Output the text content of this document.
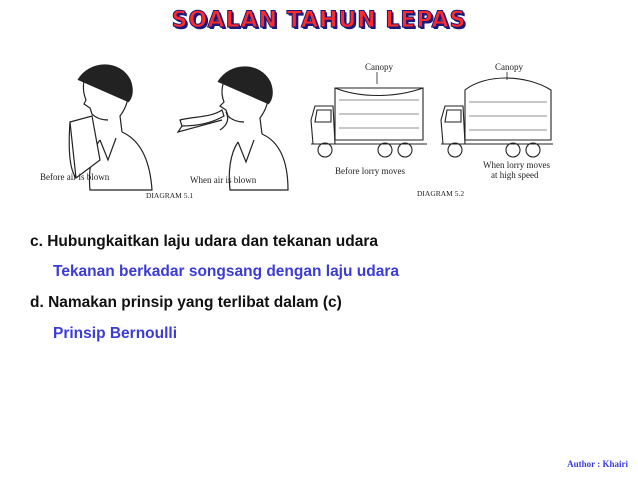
SOALAN TAHUN LEPAS
Before air is blown	When air is blown
DIAGRAM 5.1
Canopy
Before lorry moves
Canopy
When lorry moves
at high speed
DIAGRAM 5.2
c. Hubungkaitkan laju udara dan tekanan udara
Tekanan berkadar songsang dengan laju udara
d. Namakan prinsip yang terlibat dalam (c)
Prinsip Bernoulli
Author : Khairi
